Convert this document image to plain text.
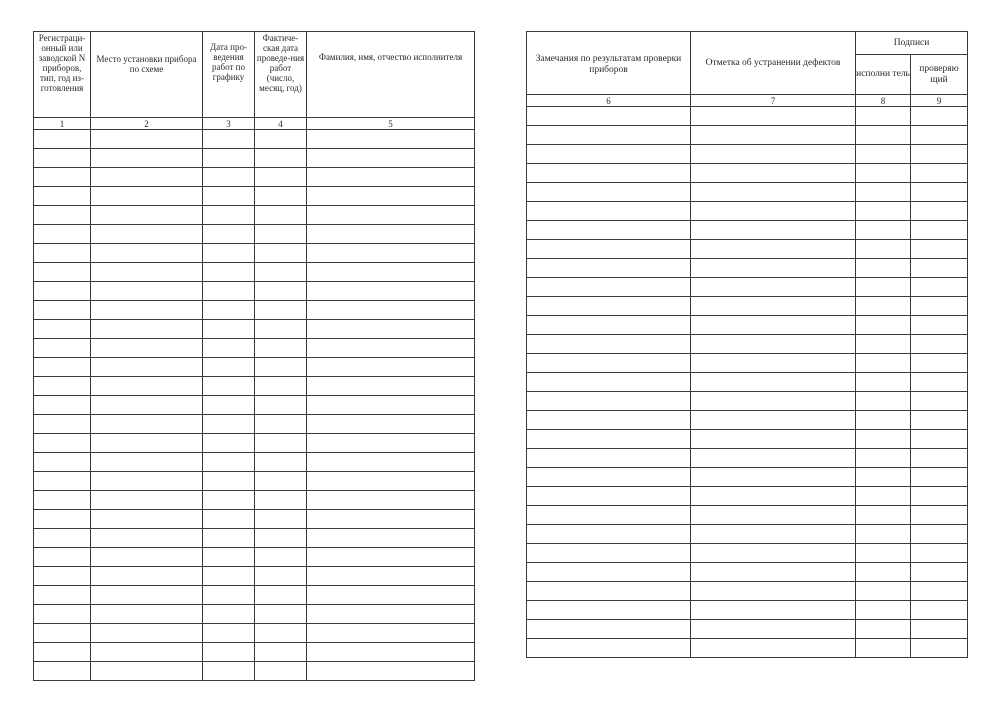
Регистраци-онный или заводской N приборов, тип, год из-готовления	Место установки прибора по схеме	Дата про-ведения работ по графику	Фактиче-ская дата проведе-ния работ (число, месяц, год)	Фамилия, имя, отчество исполнителя
1	2	3	4	5

Замечания по результатам проверки приборов	Отметка об устранении дефектов	Подписи	
		исполни тель	проверяю щий
6	7	8	9
